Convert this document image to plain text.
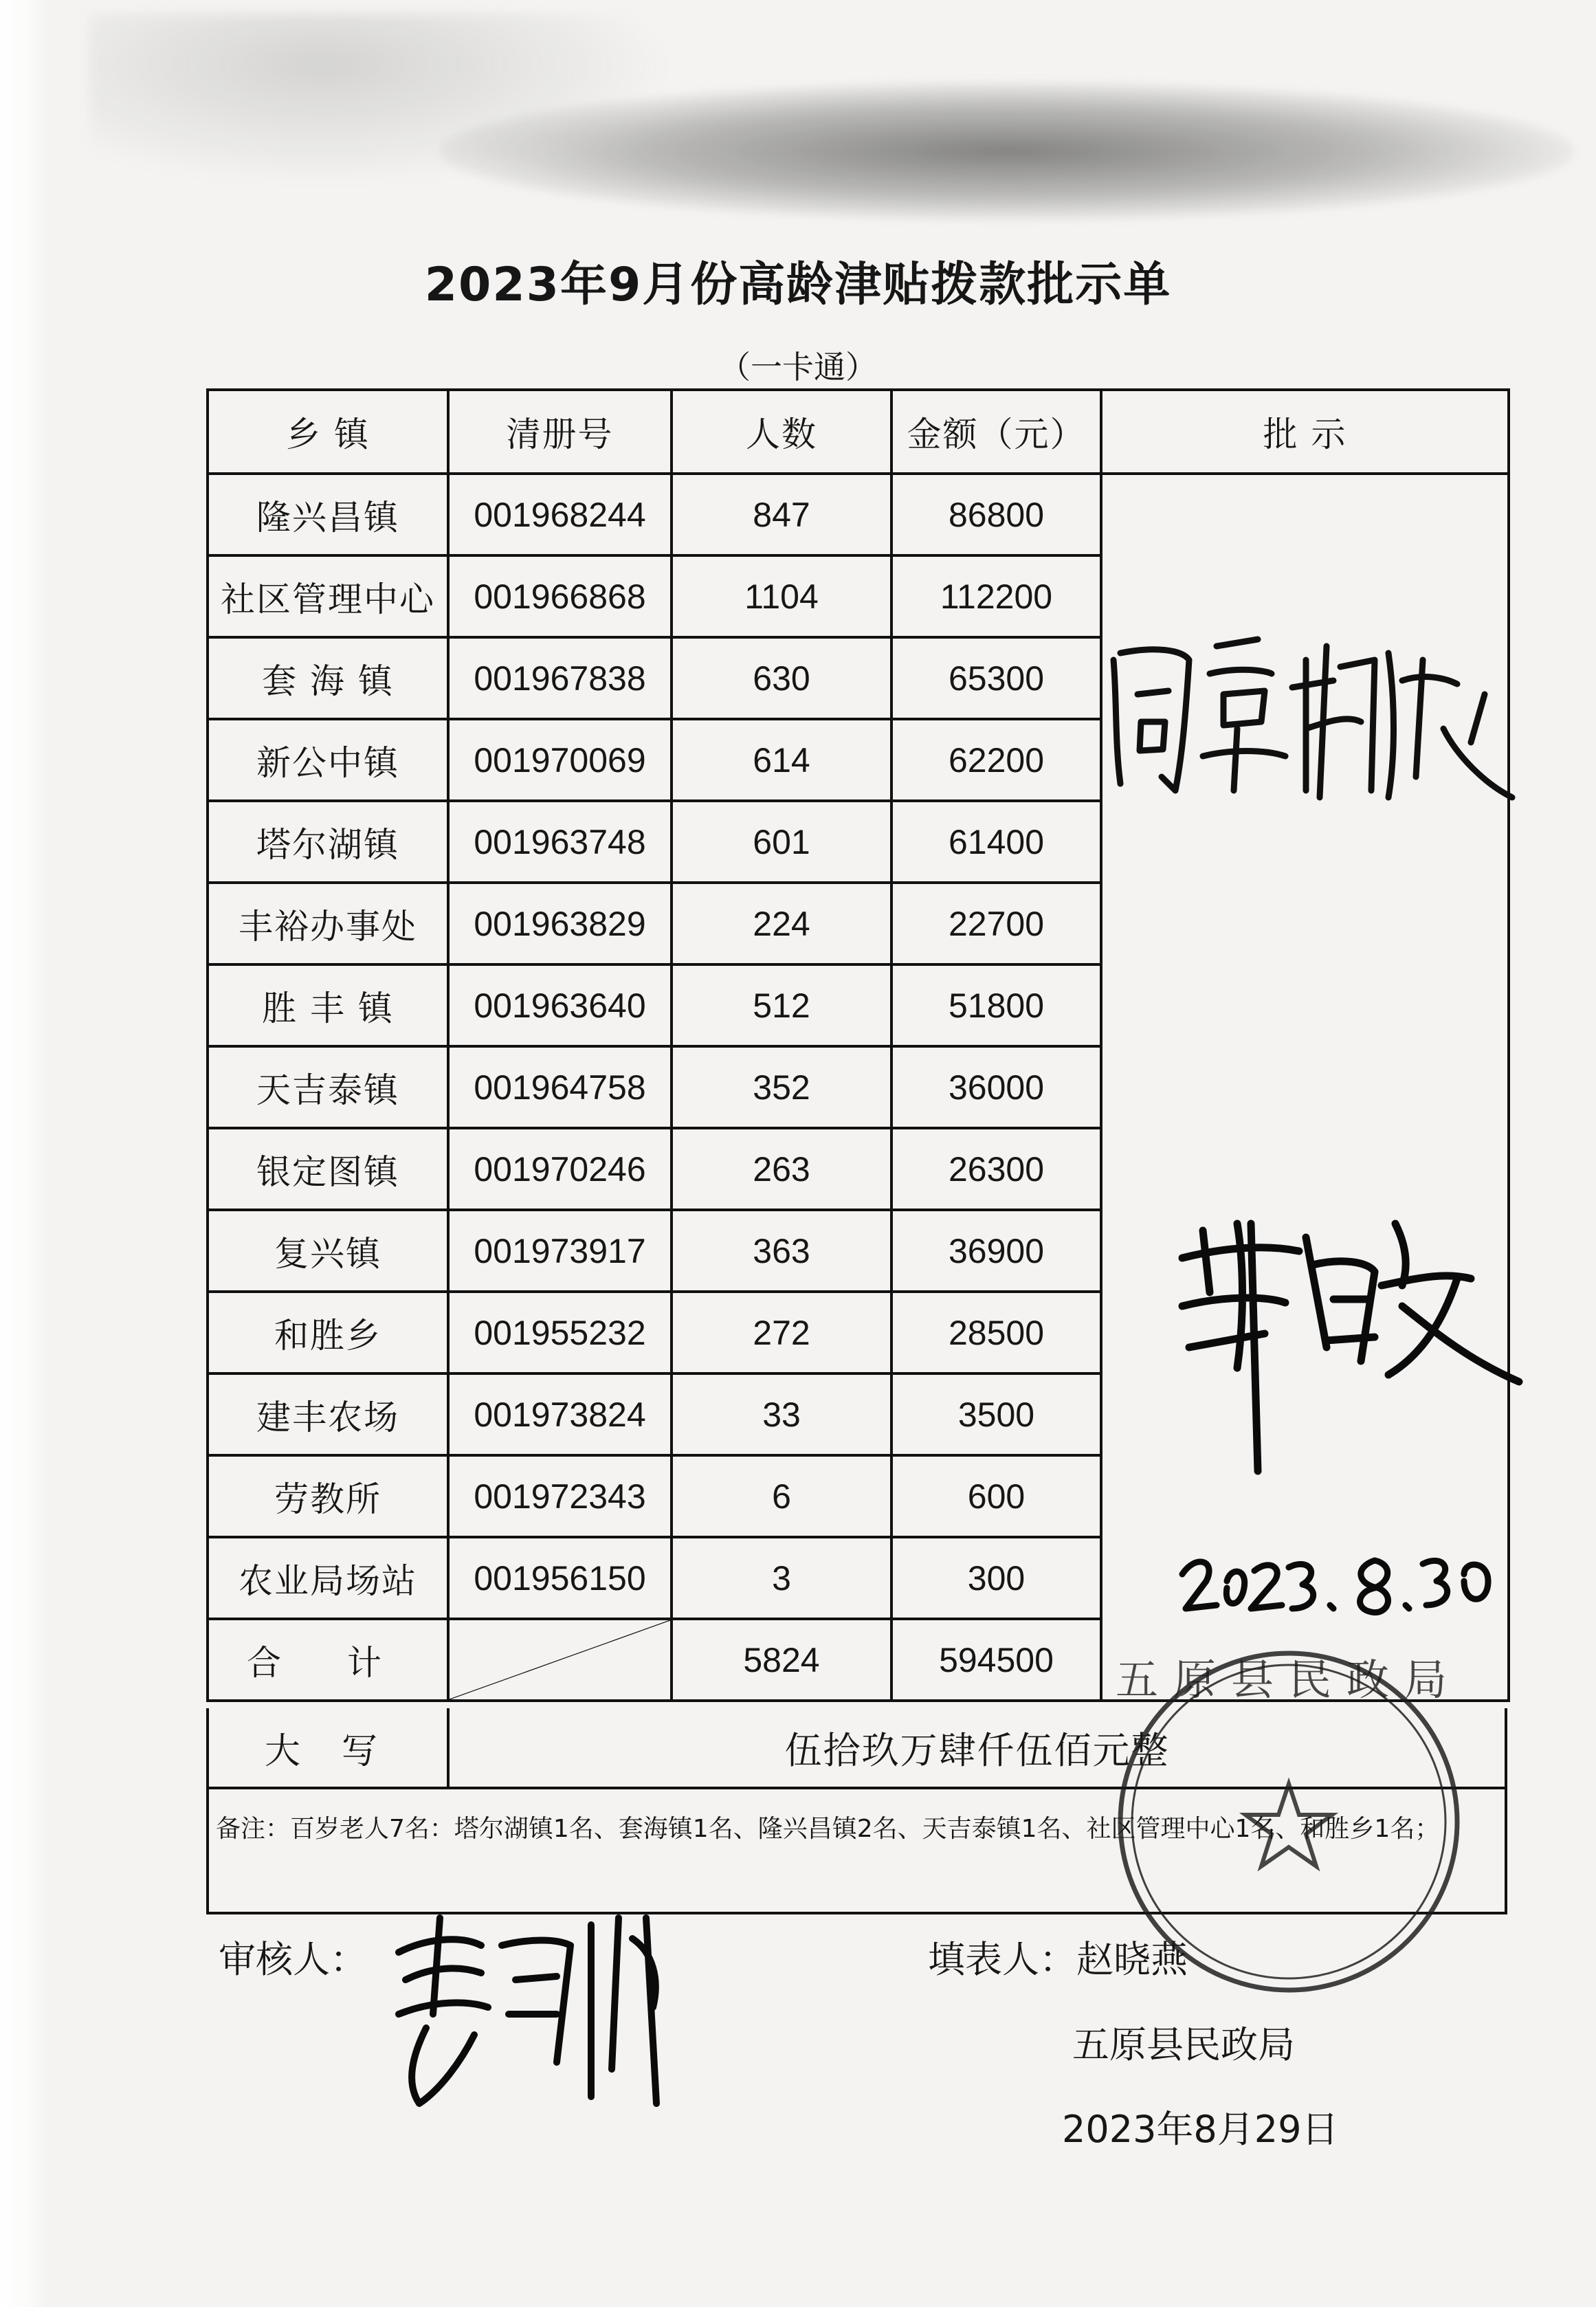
2023年9月份高龄津贴拨款批示单
（一卡通）
乡 镇	清册号	人数	金额（元）	批 示
隆兴昌镇	001968244	847	86800	
社区管理中心	001966868	1104	112200	
套 海 镇	001967838	630	65300	
新公中镇	001970069	614	62200	
塔尔湖镇	001963748	601	61400	
丰裕办事处	001963829	224	22700	
胜 丰 镇	001963640	512	51800	
天吉泰镇	001964758	352	36000	
银定图镇	001970246	263	26300	
复兴镇	001973917	363	36900	
和胜乡	001955232	272	28500	
建丰农场	001973824	33	3500	
劳教所	001972343	6	600	
农业局场站	001956150	3	300	
合 计		5824	594500	
大写	伍拾玖万肆仟伍佰元整
备注：百岁老人7名：塔尔湖镇1名、套海镇1名、隆兴昌镇2名、天吉泰镇1名、社区管理中心1名、和胜乡1名；
审核人：	填表人：赵晓燕
五原县民政局
2023年8月29日
五原县民政局
